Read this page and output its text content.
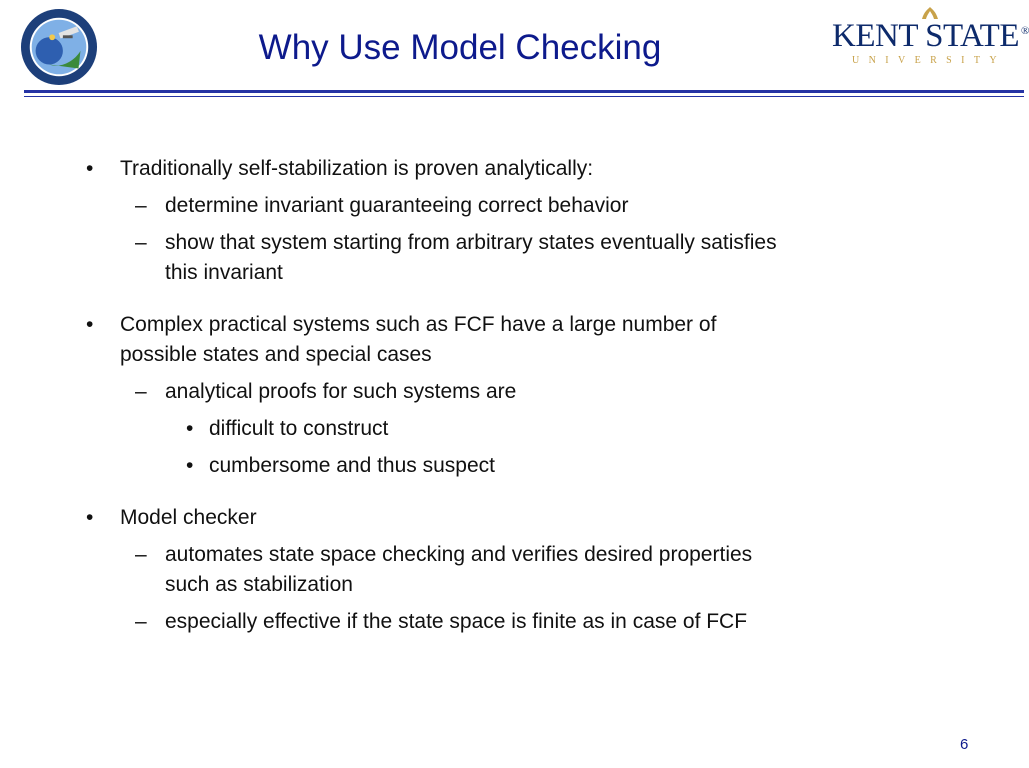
Why Use Model Checking	KENT STATE ®
UNIVERSITY
• Traditionally self-stabilization is proven analytically:
– determine invariant guaranteeing correct behavior
– show that system starting from arbitrary states eventually satisfies
this invariant
• Complex practical systems such as FCF have a large number of
possible states and special cases
– analytical proofs for such systems are
• difficult to construct
• cumbersome and thus suspect
• Model checker
– automates state space checking and verifies desired properties
such as stabilization
– especially effective if the state space is finite as in case of FCF
6
